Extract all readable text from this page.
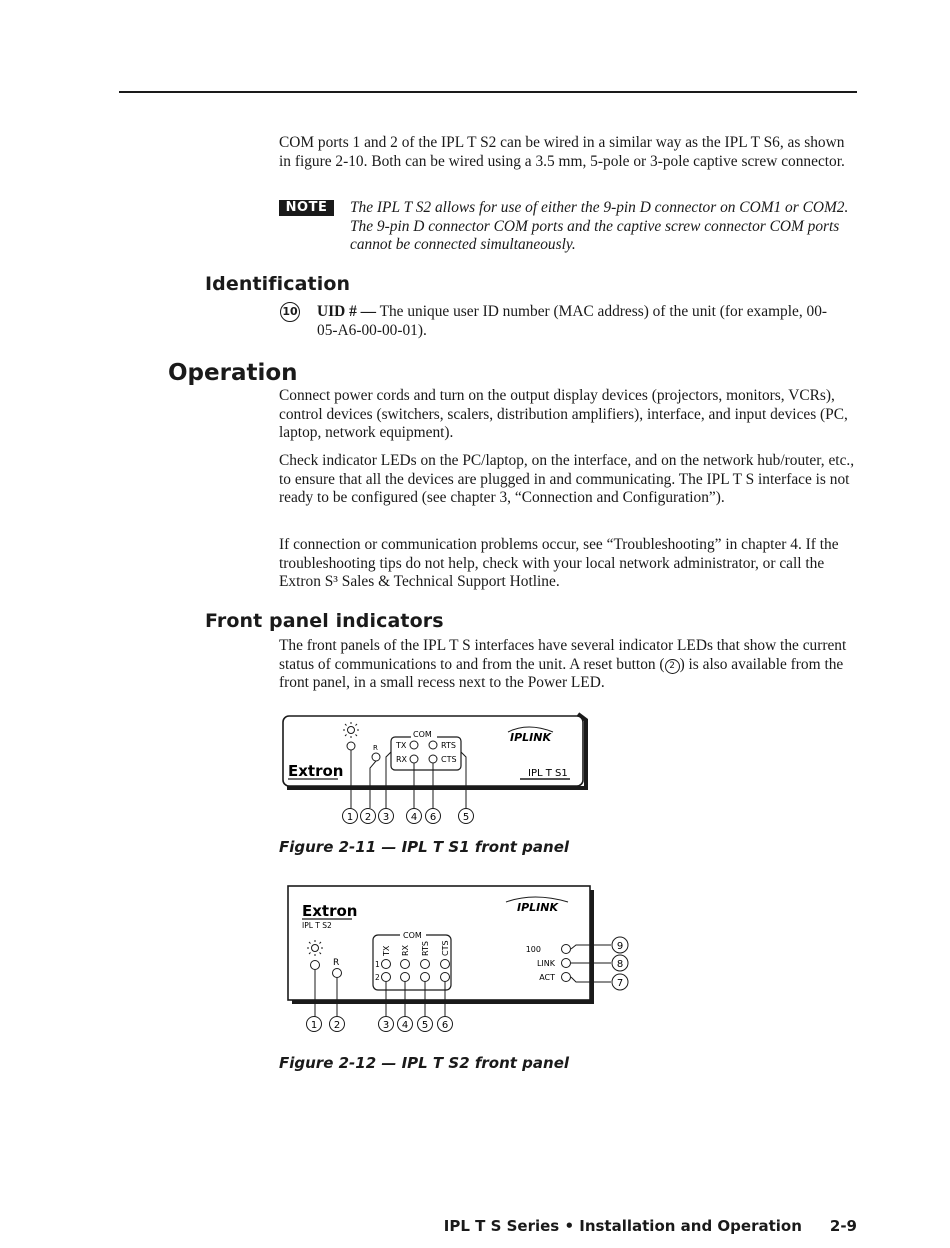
COM ports 1 and 2 of the IPL T S2 can be wired in a similar way as the IPL T S6, as shown in figure 2-10. Both can be wired using a 3.5 mm, 5-pole or 3-pole captive screw connector.

NOTE	The IPL T S2 allows for use of either the 9-pin D connector on COM1 or COM2. The 9-pin D connector COM ports and the captive screw connector COM ports cannot be connected simultaneously.
Identification
10 UID # — The unique user ID number (MAC address) of the unit (for example, 00-05-A6-00-00-01).
Operation

Connect power cords and turn on the output display devices (projectors, monitors, VCRs), control devices (switchers, scalers, distribution amplifiers), interface, and input devices (PC, laptop, network equipment).

Check indicator LEDs on the PC/laptop, on the interface, and on the network hub/router, etc., to ensure that all the devices are plugged in and communicating. The IPL T S interface is not ready to be configured (see chapter 3, “Connection and Configuration”).

If connection or communication problems occur, see “Troubleshooting” in chapter 4. If the troubleshooting tips do not help, check with your local network administrator, or call the Extron S³ Sales & Technical Support Hotline.

Front panel indicators

The front panels of the IPL T S interfaces have several indicator LEDs that show the current status of communications to and from the unit. A reset button ( 2 ) is also available from the front panel, in a small recess next to the Power LED.

R
COM
TX
RX
RTS
CTS
Extron
IPLINK
IPL T S1
1 2 3 4 6	5
Figure 2-11 — IPL T S1 front panel
Extron
IPL T S2
IPLINK
R
COM
TX RX RTS CTS
1
2
100
LINK
ACT
1 2	3 4 5 6
7
8
9
Figure 2-12 — IPL T S2 front panel
IPL T S Series • Installation and Operation 2-9
